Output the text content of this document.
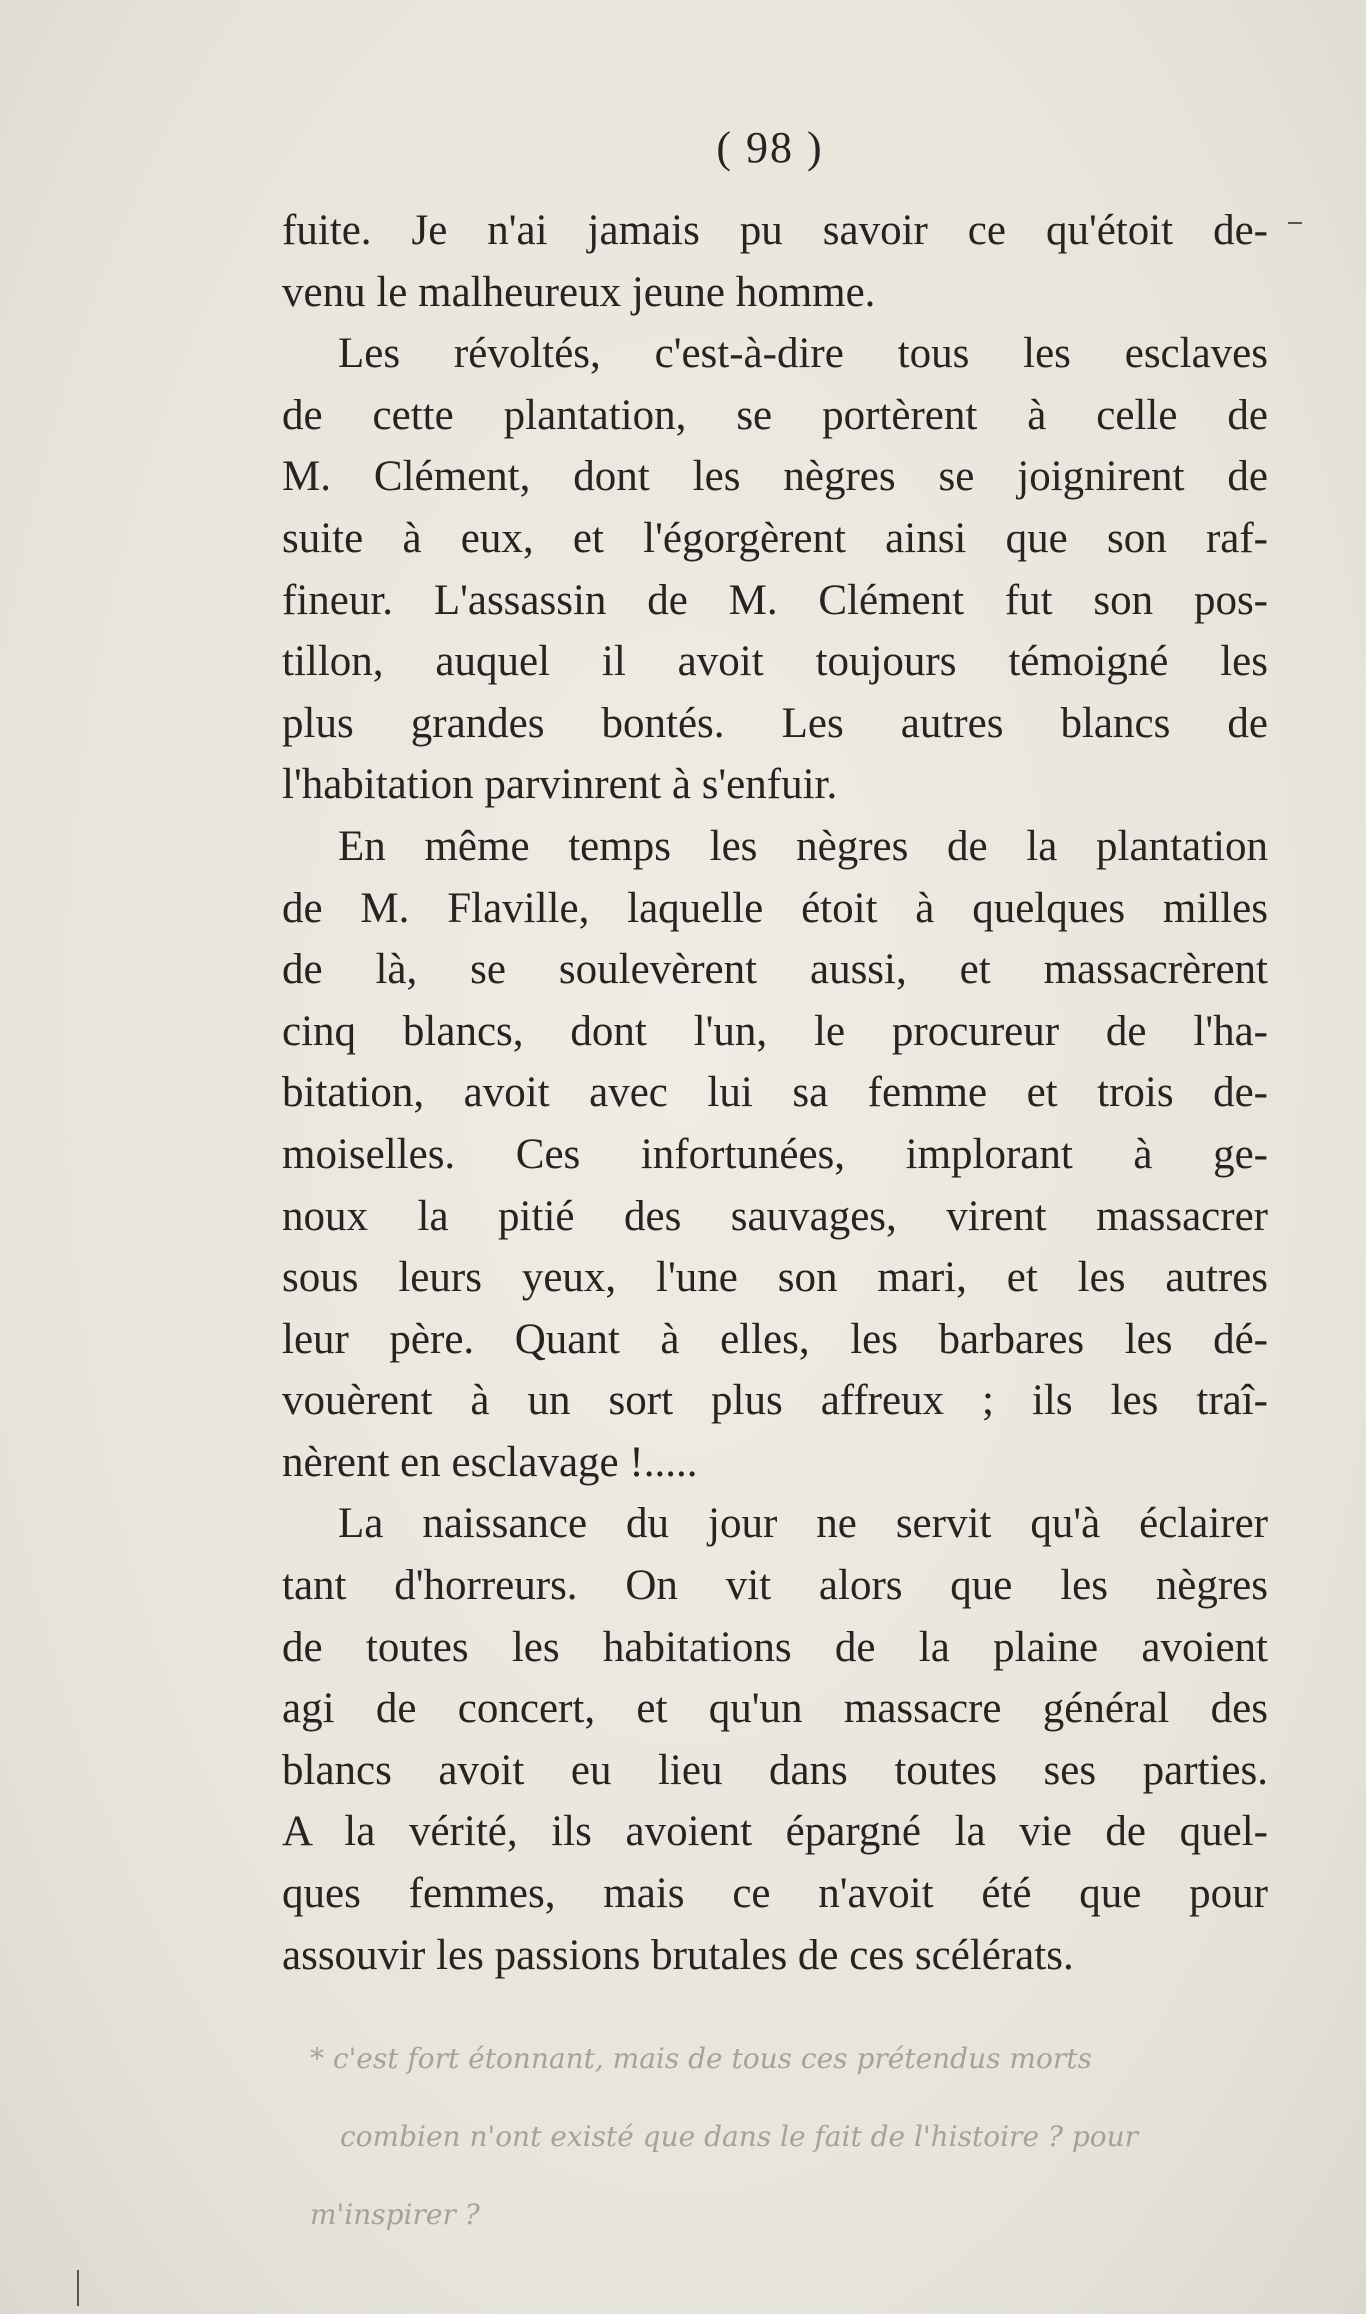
( 98 )
fuite. Je n'ai jamais pu savoir ce qu'étoit de-
venu le malheureux jeune homme.
Les révoltés, c'est-à-dire tous les esclaves
de cette plantation, se portèrent à celle de
M. Clément, dont les nègres se joignirent de
suite à eux, et l'égorgèrent ainsi que son raf-
fineur. L'assassin de M. Clément fut son pos-
tillon, auquel il avoit toujours témoigné les
plus grandes bontés. Les autres blancs de
l'habitation parvinrent à s'enfuir.
En même temps les nègres de la plantation
de M. Flaville, laquelle étoit à quelques milles
de là, se soulevèrent aussi, et massacrèrent
cinq blancs, dont l'un, le procureur de l'ha-
bitation, avoit avec lui sa femme et trois de-
moiselles. Ces infortunées, implorant à ge-
noux la pitié des sauvages, virent massacrer
sous leurs yeux, l'une son mari, et les autres
leur père. Quant à elles, les barbares les dé-
vouèrent à un sort plus affreux ; ils les traî-
nèrent en esclavage !.....
La naissance du jour ne servit qu'à éclairer
tant d'horreurs. On vit alors que les nègres
de toutes les habitations de la plaine avoient
agi de concert, et qu'un massacre général des
blancs avoit eu lieu dans toutes ses parties.
A la vérité, ils avoient épargné la vie de quel-
ques femmes, mais ce n'avoit été que pour
assouvir les passions brutales de ces scélérats.
* c'est fort étonnant, mais de tous ces prétendus morts
combien n'ont existé que dans le fait de l'histoire ? pour
m'inspirer ?
